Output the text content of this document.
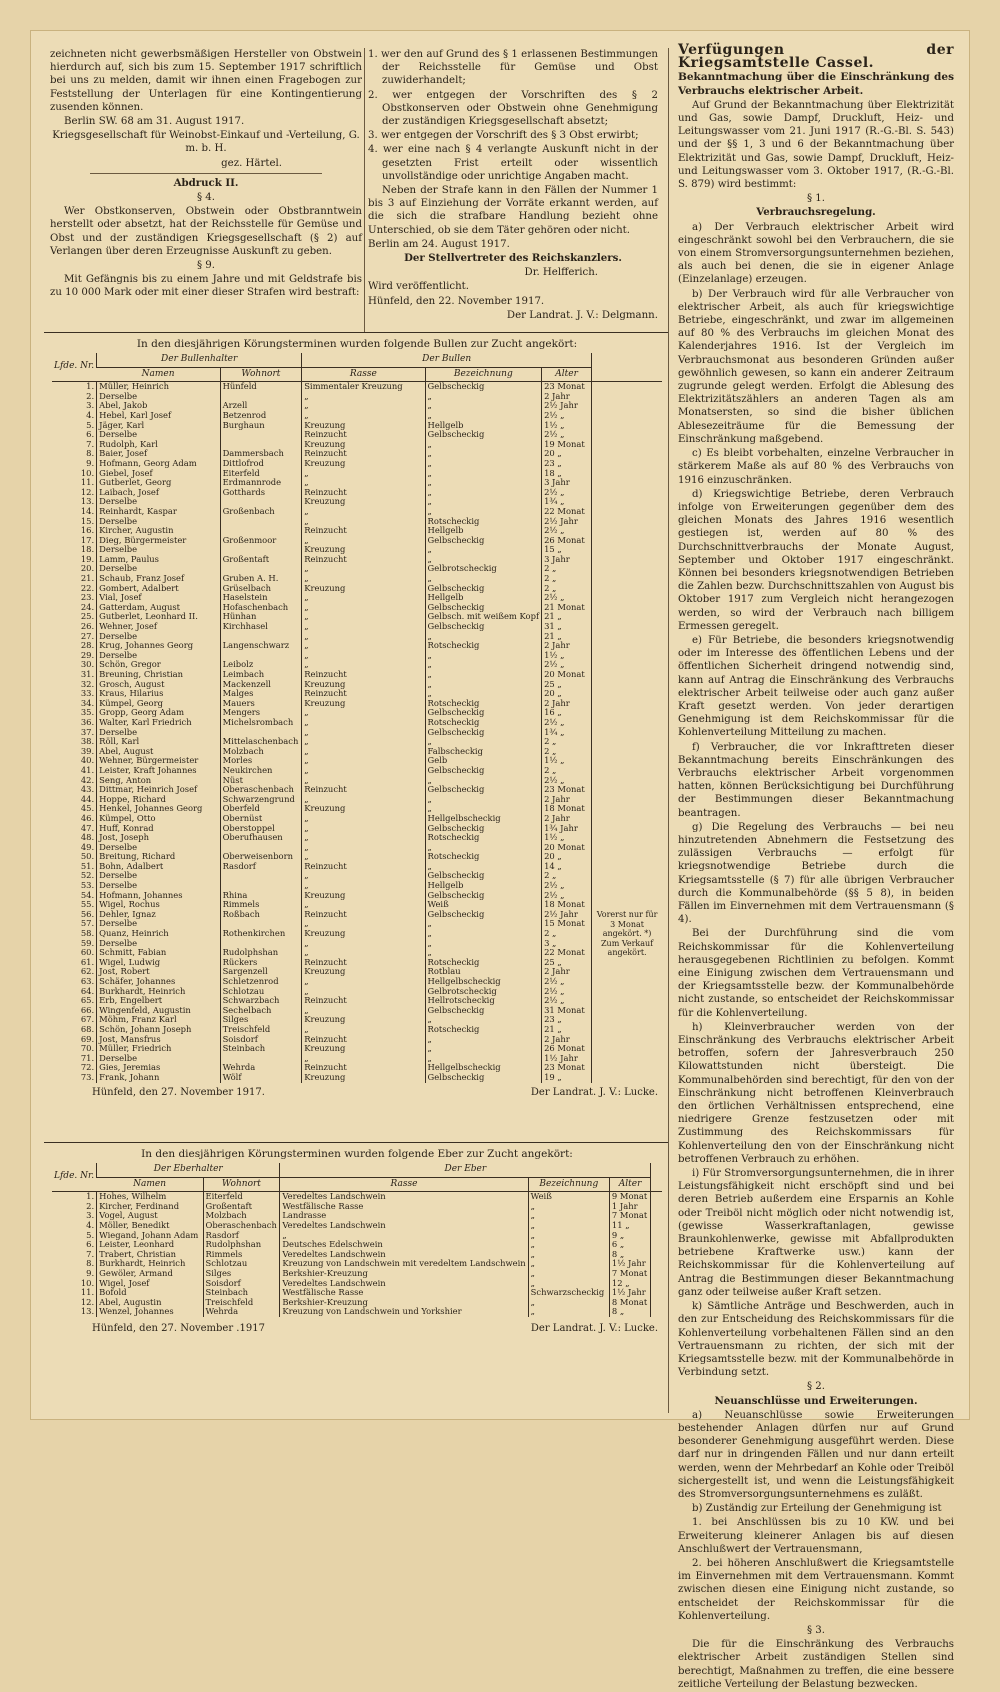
zeichneten nicht gewerbsmäßigen Hersteller von Obstwein hierdurch auf, sich bis zum 15. September 1917 schriftlich bei uns zu melden, damit wir ihnen einen Fragebogen zur Feststellung der Unterlagen für eine Kontingentierung zusenden können.

Berlin SW. 68 am 31. August 1917.

Kriegsgesellschaft für Weinobst-Einkauf und -Verteilung, G. m. b. H.

gez. Härtel.

Abdruck II.

§ 4.

Wer Obstkonserven, Obstwein oder Obstbranntwein herstellt oder absetzt, hat der Reichsstelle für Gemüse und Obst und der zuständigen Kriegsgesellschaft (§ 2) auf Verlangen über deren Erzeugnisse Auskunft zu geben.

§ 9.

Mit Gefängnis bis zu einem Jahre und mit Geldstrafe bis zu 10 000 Mark oder mit einer dieser Strafen wird bestraft:

1. wer den auf Grund des § 1 erlassenen Bestimmungen der Reichsstelle für Gemüse und Obst zuwiderhandelt;

2. wer entgegen der Vorschriften des § 2 Obstkonserven oder Obstwein ohne Genehmigung der zuständigen Kriegsgesellschaft absetzt;

3. wer entgegen der Vorschrift des § 3 Obst erwirbt;

4. wer eine nach § 4 verlangte Auskunft nicht in der gesetzten Frist erteilt oder wissentlich unvollständige oder unrichtige Angaben macht.

Neben der Strafe kann in den Fällen der Nummer 1 bis 3 auf Einziehung der Vorräte erkannt werden, auf die sich die strafbare Handlung bezieht ohne Unterschied, ob sie dem Täter gehören oder nicht.

Berlin am 24. August 1917.

Der Stellvertreter des Reichskanzlers.

Dr. Helfferich.

Wird veröffentlicht.

Hünfeld, den 22. November 1917.

Der Landrat. J. V.: Delgmann.

Verfügungen der Kriegsamtstelle Cassel.

Bekanntmachung über die Einschränkung des Verbrauchs elektrischer Arbeit.

Auf Grund der Bekanntmachung über Elektrizität und Gas, sowie Dampf, Druckluft, Heiz- und Leitungswasser vom 21. Juni 1917 (R.-G.-Bl. S. 543) und der §§ 1, 3 und 6 der Bekanntmachung über Elektrizität und Gas, sowie Dampf, Druckluft, Heiz- und Leitungswasser vom 3. Oktober 1917, (R.-G.-Bl. S. 879) wird bestimmt:

§ 1.

Verbrauchsregelung.

a) Der Verbrauch elektrischer Arbeit wird eingeschränkt sowohl bei den Verbrauchern, die sie von einem Stromversorgungsunternehmen beziehen, als auch bei denen, die sie in eigener Anlage (Einzelanlage) erzeugen.

b) Der Verbrauch wird für alle Verbraucher von elektrischer Arbeit, als auch für kriegswichtige Betriebe, eingeschränkt, und zwar im allgemeinen auf 80 % des Verbrauchs im gleichen Monat des Kalenderjahres 1916. Ist der Vergleich im Verbrauchsmonat aus besonderen Gründen außer gewöhnlich gewesen, so kann ein anderer Zeitraum zugrunde gelegt werden. Erfolgt die Ablesung des Elektrizitätszählers an anderen Tagen als am Monatsersten, so sind die bisher üblichen Ablesezeiträume für die Bemessung der Einschränkung maßgebend.

c) Es bleibt vorbehalten, einzelne Verbraucher in stärkerem Maße als auf 80 % des Verbrauchs von 1916 einzuschränken.

d) Kriegswichtige Betriebe, deren Verbrauch infolge von Erweiterungen gegenüber dem des gleichen Monats des Jahres 1916 wesentlich gestiegen ist, werden auf 80 % des Durchschnittverbrauchs der Monate August, September und Oktober 1917 eingeschränkt. Können bei besonders kriegsnotwendigen Betrieben die Zahlen bezw. Durchschnittszahlen von August bis Oktober 1917 zum Vergleich nicht herangezogen werden, so wird der Verbrauch nach billigem Ermessen geregelt.

e) Für Betriebe, die besonders kriegsnotwendig oder im Interesse des öffentlichen Lebens und der öffentlichen Sicherheit dringend notwendig sind, kann auf Antrag die Einschränkung des Verbrauchs elektrischer Arbeit teilweise oder auch ganz außer Kraft gesetzt werden. Von jeder derartigen Genehmigung ist dem Reichskommissar für die Kohlenverteilung Mitteilung zu machen.

f) Verbraucher, die vor Inkrafttreten dieser Bekanntmachung bereits Einschränkungen des Verbrauchs elektrischer Arbeit vorgenommen hatten, können Berücksichtigung bei Durchführung der Bestimmungen dieser Bekanntmachung beantragen.

g) Die Regelung des Verbrauchs — bei neu hinzutretenden Abnehmern die Festsetzung des zulässigen Verbrauchs — erfolgt für kriegsnotwendige Betriebe durch die Kriegsamtsstelle (§ 7) für alle übrigen Verbraucher durch die Kommunalbehörde (§§ 5 8), in beiden Fällen im Einvernehmen mit dem Vertrauensmann (§ 4).

Bei der Durchführung sind die vom Reichskommissar für die Kohlenverteilung herausgegebenen Richtlinien zu befolgen. Kommt eine Einigung zwischen dem Vertrauensmann und der Kriegsamtsstelle bezw. der Kommunalbehörde nicht zustande, so entscheidet der Reichskommissar für die Kohlenverteilung.

h) Kleinverbraucher werden von der Einschränkung des Verbrauchs elektrischer Arbeit betroffen, sofern der Jahresverbrauch 250 Kilowattstunden nicht übersteigt. Die Kommunalbehörden sind berechtigt, für den von der Einschränkung nicht betroffenen Kleinverbrauch den örtlichen Verhältnissen entsprechend, eine niedrigere Grenze festzusetzen oder mit Zustimmung des Reichskommissars für Kohlenverteilung den von der Einschränkung nicht betroffenen Verbrauch zu erhöhen.

i) Für Stromversorgungsunternehmen, die in ihrer Leistungsfähigkeit nicht erschöpft sind und bei deren Betrieb außerdem eine Ersparnis an Kohle oder Treiböl nicht möglich oder nicht notwendig ist, (gewisse Wasserkraftanlagen, gewisse Braunkohlenwerke, gewisse mit Abfallprodukten betriebene Kraftwerke usw.) kann der Reichskommissar für die Kohlenverteilung auf Antrag die Bestimmungen dieser Bekanntmachung ganz oder teilweise außer Kraft setzen.

k) Sämtliche Anträge und Beschwerden, auch in den zur Entscheidung des Reichskommissars für die Kohlenverteilung vorbehaltenen Fällen sind an den Vertrauensmann zu richten, der sich mit der Kriegsamtsstelle bezw. mit der Kommunalbehörde in Verbindung setzt.

§ 2.

Neuanschlüsse und Erweiterungen.

a) Neuanschlüsse sowie Erweiterungen bestehender Anlagen dürfen nur auf Grund besonderer Genehmigung ausgeführt werden. Diese darf nur in dringenden Fällen und nur dann erteilt werden, wenn der Mehrbedarf an Kohle oder Treiböl sichergestellt ist, und wenn die Leistungsfähigkeit des Stromversorgungsunternehmens es zuläßt.

b) Zuständig zur Erteilung der Genehmigung ist

1. bei Anschlüssen bis zu 10 KW. und bei Erweiterung kleinerer Anlagen bis auf diesen Anschlußwert der Vertrauensmann,

2. bei höheren Anschlußwert die Kriegsamtstelle im Einvernehmen mit dem Vertrauensmann. Kommt zwischen diesen eine Einigung nicht zustande, so entscheidet der Reichskommissar für die Kohlenverteilung.

§ 3.

Die für die Einschränkung des Verbrauchs elektrischer Arbeit zuständigen Stellen sind berechtigt, Maßnahmen zu treffen, die eine bessere zeitliche Verteilung der Belastung bezwecken.

In den diesjährigen Körungsterminen wurden folgende Bullen zur Zucht angekört:

Lfde. Nr.	Der Bullenhalter		Der Bullen			
	Namen	Wohnort	Rasse	Bezeichnung	Alter	
1.	Müller, Heinrich	Hünfeld	Simmentaler Kreuzung	Gelbscheckig	23 Monat	Vorerst nur für 3 Monat angekört. *) Zum Verkauf angekört.

2.	Derselbe		„	„	2 Jahr	
3.	Abel, Jakob	Arzell	„	„	2½ Jahr	
4.	Hebel, Karl Josef	Betzenrod	„	„	2½ „	
5.	Jäger, Karl	Burghaun	Kreuzung	Hellgelb	1½ „	
6.	Derselbe		Reinzucht	Gelbscheckig	2½ „	
7.	Rudolph, Karl		Kreuzung	„	19 Monat	
8.	Baier, Josef	Dammersbach	Reinzucht	„	20 „	
9.	Hofmann, Georg Adam	Dittlofrod	Kreuzung	„	23 „	
10.	Giebel, Josef	Eiterfeld	„	„	18 „	
11.	Gutberlet, Georg	Erdmannrode	„	„	3 Jahr	
12.	Laibach, Josef	Gotthards	Reinzucht	„	2½ „	
13.	Derselbe		Kreuzung	„	1¾ „	
14.	Reinhardt, Kaspar	Großenbach	„	„	22 Monat	
15.	Derselbe		„	Rotscheckig	2½ Jahr	
16.	Kircher, Augustin		Reinzucht	Hellgelb	2½ „	
17.	Dieg, Bürgermeister	Großenmoor	„	Gelbscheckig	26 Monat	
18.	Derselbe		Kreuzung	„	15 „	
19.	Lamm, Paulus	Großentaft	Reinzucht	„	3 Jahr	
20.	Derselbe		„	Gelbrotscheckig	2 „	
21.	Schaub, Franz Josef	Gruben A. H.	„	„	2 „	
22.	Gombert, Adalbert	Grüselbach	Kreuzung	Gelbscheckig	2 „	
23.	Vial, Josef	Haselstein	„	Hellgelb	2½ „	
24.	Gatterdam, August	Hofaschenbach	„	Gelbscheckig	21 Monat	
25.	Gutberlet, Leonhard II.	Hünhan	„	Gelbsch. mit weißem Kopf	21 „	
26.	Wehner, Josef	Kirchhasel	„	Gelbscheckig	31 „	
27.	Derselbe		„	„	21 „	
28.	Krug, Johannes Georg	Langenschwarz	„	Rotscheckig	2 Jahr	
29.	Derselbe		„	„	1½ „	
30.	Schön, Gregor	Leibolz	„	„	2½ „	
31.	Breuning, Christian	Leimbach	Reinzucht	„	20 Monat	
32.	Grosch, August	Mackenzell	Kreuzung	„	25 „	
33.	Kraus, Hilarius	Malges	Reinzucht	„	20 „	
34.	Kümpel, Georg	Mauers	Kreuzung	Rotscheckig	2 Jahr	
35.	Gropp, Georg Adam	Mengers	„	Gelbscheckig	16 „	
36.	Walter, Karl Friedrich	Michelsrombach	„	Rotscheckig	2½ „	
37.	Derselbe		„	Gelbscheckig	1¾ „	
38.	Röll, Karl	Mittelaschenbach	„	„	2 „	
39.	Abel, August	Molzbach	„	Falbscheckig	2 „	
40.	Wehner, Bürgermeister	Morles	„	Gelb	1½ „	
41.	Leister, Kraft Johannes	Neukirchen	„	Gelbscheckig	2 „	
42.	Seng, Anton	Nüst	„	„	2½ „	
43.	Dittmar, Heinrich Josef	Oberaschenbach	Reinzucht	Gelbscheckig	23 Monat	
44.	Hoppe, Richard	Schwarzengrund	„	„	2 Jahr	
45.	Henkel, Johannes Georg	Oberfeld	Kreuzung	„	18 Monat	
46.	Kümpel, Otto	Obernüst	„	Hellgelbscheckig	2 Jahr	
47.	Huff, Konrad	Oberstoppel	„	Gelbscheckig	1¾ Jahr	
48.	Jost, Joseph	Oberufhausen	„	Rotscheckig	1½ „	
49.	Derselbe		„	„	20 Monat	
50.	Breitung, Richard	Oberweisenborn	„	Rotscheckig	20 „	
51.	Bohn, Adalbert	Rasdorf	Reinzucht	„	14 „	
52.	Derselbe		„	Gelbscheckig	2 „	
53.	Derselbe		„	Hellgelb	2½ „	
54.	Hofmann, Johannes	Rhina	Kreuzung	Gelbscheckig	2½ „	
55.	Wigel, Rochus	Rimmels	„	Weiß	18 Monat	
56.	Dehler, Ignaz	Roßbach	Reinzucht	Gelbscheckig	2½ Jahr	
57.	Derselbe		„	„	15 Monat	
58.	Quanz, Heinrich	Rothenkirchen	Kreuzung	„	2 „	
59.	Derselbe		„	„	3 „	
60.	Schmitt, Fabian	Rudolphshan	„	„	22 Monat	
61.	Wigel, Ludwig	Rückers	Reinzucht	Rotscheckig	25 „	
62.	Jost, Robert	Sargenzell	Kreuzung	Rotblau	2 Jahr	
63.	Schäfer, Johannes	Schletzenrod	„	Hellgelbscheckig	2½ „	
64.	Burkhardt, Heinrich	Schlotzau	„	Gelbrotscheckig	2½ „	
65.	Erb, Engelbert	Schwarzbach	Reinzucht	Hellrotscheckig	2½ „	
66.	Wingenfeld, Augustin	Sechelbach	„	Gelbscheckig	31 Monat	
67.	Möhm, Franz Karl	Silges	Kreuzung	„	23 „	
68.	Schön, Johann Joseph	Treischfeld	„	Rotscheckig	21 „	
69.	Jost, Mansfrus	Soisdorf	Reinzucht	„	2 Jahr	
70.	Müller, Friedrich	Steinbach	Kreuzung	„	26 Monat	
71.	Derselbe		„	„	1½ Jahr	
72.	Gies, Jeremias	Wehrda	Reinzucht	Hellgelbscheckig	23 Monat	
73.	Frank, Johann	Wölf	Kreuzung	Gelbscheckig	19 „	
Hünfeld, den 27. November 1917.	Der Landrat. J. V.: Lucke.

In den diesjährigen Körungsterminen wurden folgende Eber zur Zucht angekört:

Lfde. Nr.	Der Eberhalter		Der Eber			
	Namen	Wohnort	Rasse	Bezeichnung	Alter	
1.	Hohes, Wilhelm	Eiterfeld	Veredeltes Landschwein	Weiß	9 Monat	
2.	Kircher, Ferdinand	Großentaft	Westfälische Rasse	„	1 Jahr	
3.	Vogel, August	Molzbach	Landrasse	„	7 Monat	
4.	Möller, Benedikt	Oberaschenbach	Veredeltes Landschwein	„	11 „	
5.	Wiegand, Johann Adam	Rasdorf	„	„	9 „	
6.	Leister, Leonhard	Rudolphshan	Deutsches Edelschwein	„	6 „	
7.	Trabert, Christian	Rimmels	Veredeltes Landschwein	„	8 „	
8.	Burkhardt, Heinrich	Schlotzau	Kreuzung von Landschwein mit veredeltem Landschwein	„	1½ Jahr	
9.	Gewöler, Armand	Silges	Berkshier-Kreuzung	„	7 Monat	
10.	Wigel, Josef	Soisdorf	Veredeltes Landschwein	„	12 „	
11.	Bofold	Steinbach	Westfälische Rasse	Schwarzscheckig	1½ Jahr	
12.	Abel, Augustin	Treischfeld	Berkshier-Kreuzung	„	8 Monat	
13.	Wenzel, Johannes	Wehrda	Kreuzung von Landschwein und Yorkshier	„	8 „	
Hünfeld, den 27. November .1917	Der Landrat. J. V.: Lucke.
